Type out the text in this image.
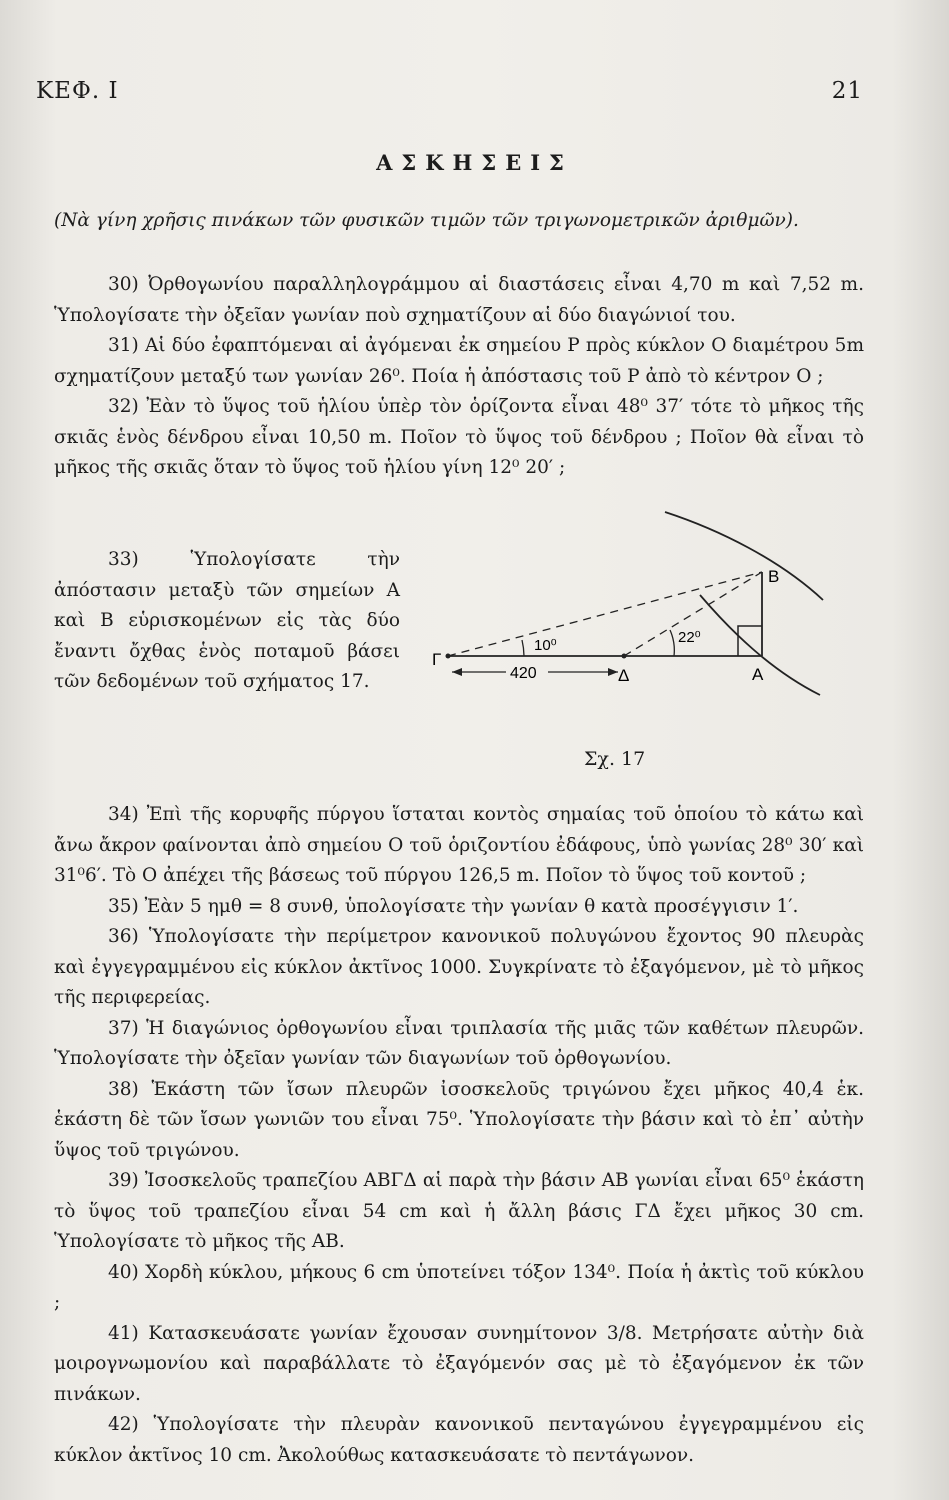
ΚΕΦ. Ι	21
ΑΣΚΗΣΕΙΣ
(Νὰ γίνη χρῆσις πινάκων τῶν φυσικῶν τιμῶν τῶν τριγωνομετρικῶν ἀριθμῶν).

30) Ὀρθογωνίου παραλληλογράμμου αἱ διαστάσεις εἶναι 4,70 m καὶ 7,52 m. Ὑπολογίσατε τὴν ὀξεῖαν γωνίαν ποὺ σχηματίζουν αἱ δύο διαγώνιοί του.

31) Αἱ δύο ἐφαπτόμεναι αἱ ἀγόμεναι ἐκ σημείου Ρ πρὸς κύκλον Ο διαμέτρου 5m σχηματίζουν μεταξύ των γωνίαν 26⁰. Ποία ἡ ἀπόστασις τοῦ Ρ ἀπὸ τὸ κέντρον Ο ;

32) Ἐὰν τὸ ὕψος τοῦ ἡλίου ὑπὲρ τὸν ὁρίζοντα εἶναι 48⁰ 37′ τότε τὸ μῆκος τῆς σκιᾶς ἑνὸς δένδρου εἶναι 10,50 m. Ποῖον τὸ ὕψος τοῦ δένδρου ; Ποῖον θὰ εἶναι τὸ μῆκος τῆς σκιᾶς ὅταν τὸ ὕψος τοῦ ἡλίου γίνη 12⁰ 20′ ;

33)	Ὑπολογίσατε τὴν ἀπόστασιν μεταξὺ τῶν σημείων Α καὶ Β εὑρισκομένων εἰς τὰς δύο ἔναντι ὄχθας ἑνὸς ποταμοῦ βάσει τῶν δεδομένων τοῦ σχήματος 17.

34) Ἐπὶ τῆς κορυφῆς πύργου ἵσταται κοντὸς σημαίας τοῦ ὁποίου τὸ κάτω καὶ ἄνω ἄκρον φαίνονται ἀπὸ σημείου Ο τοῦ ὁριζοντίου ἐδάφους, ὑπὸ γωνίας 28⁰ 30′ καὶ 31⁰6′. Τὸ Ο ἀπέχει τῆς βάσεως τοῦ πύργου 126,5 m. Ποῖον τὸ ὕψος τοῦ κοντοῦ ;

35) Ἐὰν 5 ημθ = 8 συνθ, ὑπολογίσατε τὴν γωνίαν θ κατὰ προσέγγισιν 1′.

36) Ὑπολογίσατε τὴν περίμετρον κανονικοῦ πολυγώνου ἔχοντος 90 πλευρὰς καὶ ἐγγεγραμμένου εἰς κύκλον ἀκτῖνος 1000. Συγκρίνατε τὸ ἐξαγόμενον, μὲ τὸ μῆκος τῆς περιφερείας.

37) Ἡ διαγώνιος ὀρθογωνίου εἶναι τριπλασία τῆς μιᾶς τῶν καθέτων πλευρῶν. Ὑπολογίσατε τὴν ὀξεῖαν γωνίαν τῶν διαγωνίων τοῦ ὀρθογωνίου.

38) Ἑκάστη τῶν ἴσων πλευρῶν ἰσοσκελοῦς τριγώνου ἔχει μῆκος 40,4 ἑκ. ἑκάστη δὲ τῶν ἴσων γωνιῶν του εἶναι 75⁰. Ὑπολογίσατε τὴν βάσιν καὶ τὸ ἐπ᾽ αὐτὴν ὕψος τοῦ τριγώνου.

39) Ἰσοσκελοῦς τραπεζίου ΑΒΓΔ αἱ παρὰ τὴν βάσιν ΑΒ γωνίαι εἶναι 65⁰ ἑκάστη τὸ ὕψος τοῦ τραπεζίου εἶναι 54 cm καὶ ἡ ἄλλη βάσις ΓΔ ἔχει μῆκος 30 cm. Ὑπολογίσατε τὸ μῆκος τῆς ΑΒ.

40) Χορδὴ κύκλου, μήκους 6 cm ὑποτείνει τόξον 134⁰. Ποία ἡ ἀκτὶς τοῦ κύκλου ;

41) Κατασκευάσατε γωνίαν ἔχουσαν συνημίτονον 3/8. Μετρήσατε αὐτὴν διὰ μοιρογνωμονίου καὶ παραβάλλατε τὸ ἐξαγόμενόν σας μὲ τὸ ἐξαγόμενον ἐκ τῶν πινάκων.

42) Ὑπολογίσατε τὴν πλευρὰν κανονικοῦ πενταγώνου ἐγγεγραμμένου εἰς κύκλον ἀκτῖνος 10 cm. Ἀκολούθως κατασκευάσατε τὸ πεντάγωνον.

Γ
Δ	Α
Β
420
10⁰	22⁰
Σχ. 17
